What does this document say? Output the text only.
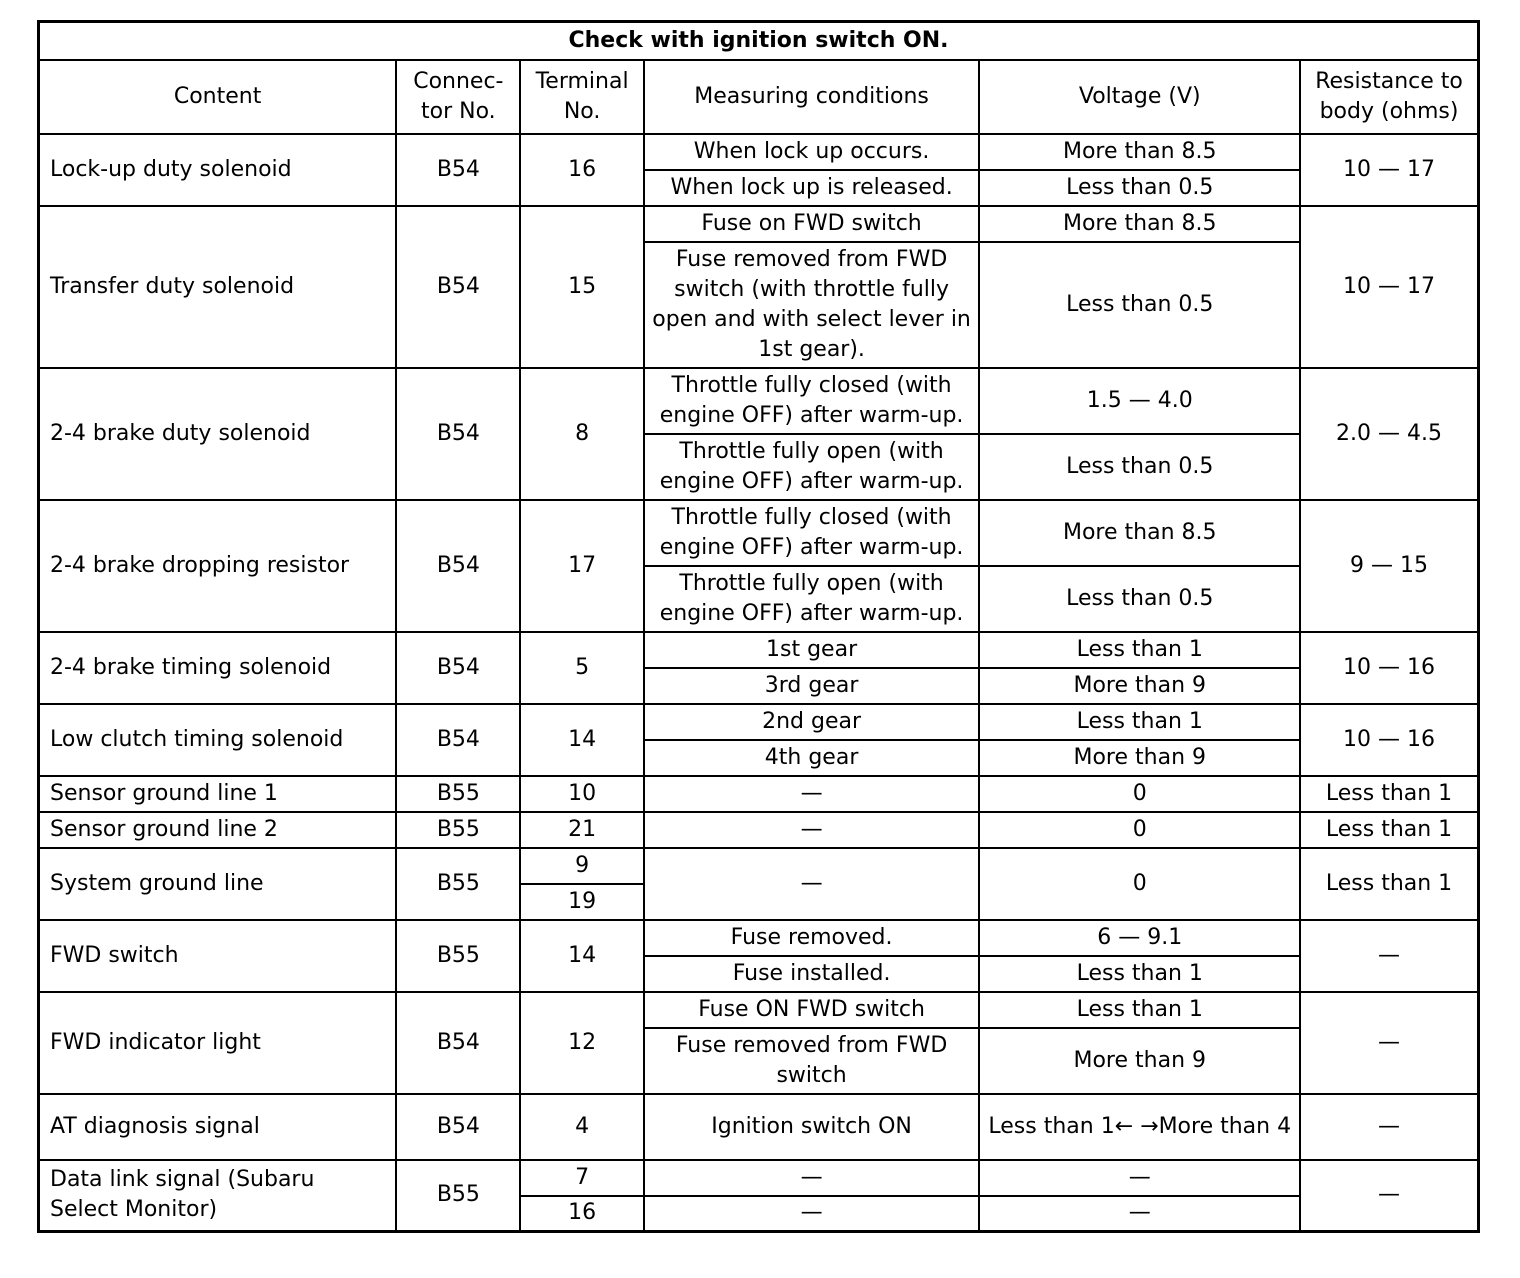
Check with ignition switch ON.					
Content	Connec-tor No.	Terminal No.	Measuring conditions	Voltage (V)	Resistance to body (ohms)
Lock-up duty solenoid	B54	16	When lock up occurs.	More than 8.5	10 — 17
			When lock up is released.	Less than 0.5	
Transfer duty solenoid	B54	15	Fuse on FWD switch	More than 8.5	10 — 17
			Fuse removed from FWD switch (with throttle fully open and with select lever in 1st gear).	Less than 0.5	
2-4 brake duty solenoid	B54	8	Throttle fully closed (with engine OFF) after warm-up.	1.5 — 4.0	2.0 — 4.5
			Throttle fully open (with engine OFF) after warm-up.	Less than 0.5	
2-4 brake dropping resistor	B54	17	Throttle fully closed (with engine OFF) after warm-up.	More than 8.5	9 — 15
			Throttle fully open (with engine OFF) after warm-up.	Less than 0.5	
2-4 brake timing solenoid	B54	5	1st gear	Less than 1	10 — 16
			3rd gear	More than 9	
Low clutch timing solenoid	B54	14	2nd gear	Less than 1	10 — 16
			4th gear	More than 9	
Sensor ground line 1	B55	10	—	0	Less than 1
Sensor ground line 2	B55	21	—	0	Less than 1
System ground line	B55	9	—	0	Less than 1
		19			
FWD switch	B55	14	Fuse removed.	6 — 9.1	—
			Fuse installed.	Less than 1	
FWD indicator light	B54	12	Fuse ON FWD switch	Less than 1	—
			Fuse removed from FWD switch	More than 9	
AT diagnosis signal	B54	4	Ignition switch ON	Less than 1← →More than 4	—
Data link signal (Subaru Select Monitor)	B55	7	—	—	—
		16	—	—	
